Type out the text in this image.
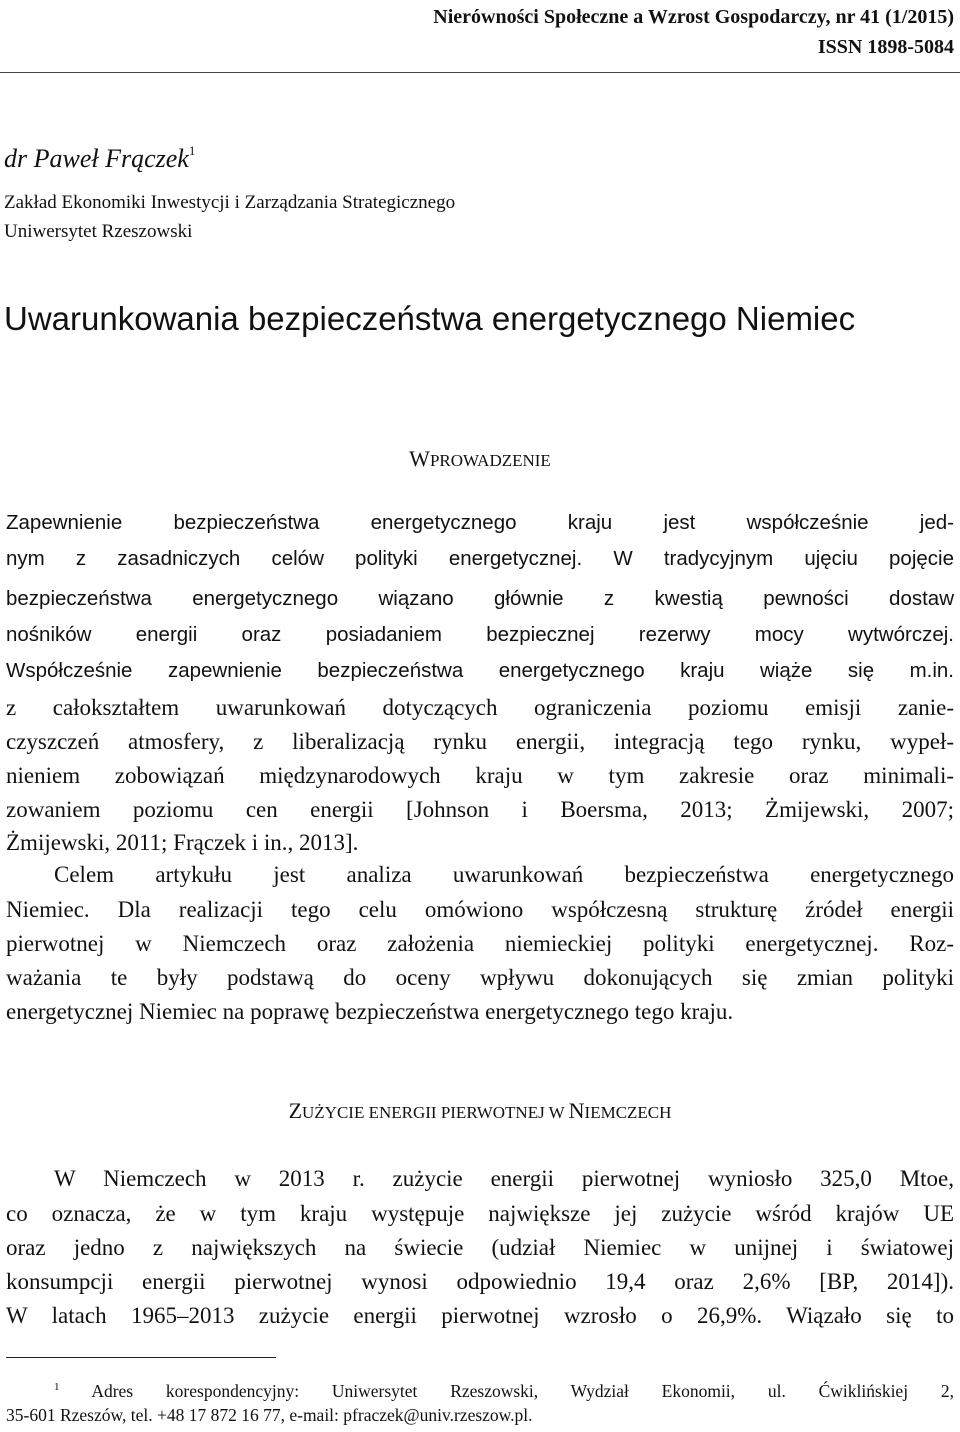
Nierówności Społeczne a Wzrost Gospodarczy, nr 41 (1/2015)
ISSN 1898-5084
dr Paweł Frączek$^1$
Zakład Ekonomiki Inwestycji i Zarządzania Strategicznego
Uniwersytet Rzeszowski
Uwarunkowania bezpieczeństwa energetycznego Niemiec
WPROWADZENIE
Zapewnienie bezpieczeństwa energetycznego kraju jest współcześnie jed-
nym z zasadniczych celów polityki energetycznej. W tradycyjnym ujęciu pojęcie
bezpieczeństwa energetycznego wiązano głównie z kwestią pewności dostaw
nośników energii oraz posiadaniem bezpiecznej rezerwy mocy wytwórczej.
Współcześnie zapewnienie bezpieczeństwa energetycznego kraju wiąże się m.in.
z całokształtem uwarunkowań dotyczących ograniczenia poziomu emisji zanie-
czyszczeń atmosfery, z liberalizacją rynku energii, integracją tego rynku, wypeł-
nieniem zobowiązań międzynarodowych kraju w tym zakresie oraz minimali-
zowaniem poziomu cen energii [Johnson i Boersma, 2013; Żmijewski, 2007;
Żmijewski, 2011; Frączek i in., 2013].
Celem artykułu jest analiza uwarunkowań bezpieczeństwa energetycznego
Niemiec. Dla realizacji tego celu omówiono współczesną strukturę źródeł energii
pierwotnej w Niemczech oraz założenia niemieckiej polityki energetycznej. Roz-
ważania te były podstawą do oceny wpływu dokonujących się zmian polityki
energetycznej Niemiec na poprawę bezpieczeństwa energetycznego tego kraju.
ZUŻYCIE ENERGII PIERWOTNEJ W NIEMCZECH
W Niemczech w 2013 r. zużycie energii pierwotnej wyniosło 325,0 Mtoe,
co oznacza, że w tym kraju występuje największe jej zużycie wśród krajów UE
oraz jedno z największych na świecie (udział Niemiec w unijnej i światowej
konsumpcji energii pierwotnej wynosi odpowiednio 19,4 oraz 2,6% [BP, 2014]).
W latach 1965–2013 zużycie energii pierwotnej wzrosło o 26,9%. Wiązało się to
$^1$ Adres korespondencyjny: Uniwersytet Rzeszowski, Wydział Ekonomii, ul. Ćwiklińskiej 2,
35-601 Rzeszów, tel. +48 17 872 16 77, e-mail: pfraczek@univ.rzeszow.pl.
